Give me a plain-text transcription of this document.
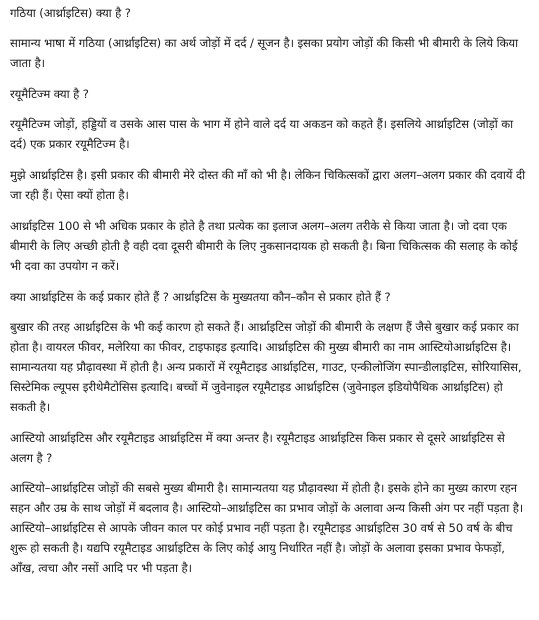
गठिया (आर्थ्राइटिस) क्या है ?

सामान्य भाषा में गठिया (आर्थ्राइटिस) का अर्थ जोड़ों में दर्द / सूजन है। इसका प्रयोग जोड़ों की किसी भी बीमारी के लिये किया जाता है।

रयूमैटिज्म क्या है ?

रयूमैटिज्म जोड़ों, हड्डियों व उसके आस पास के भाग में होने वाले दर्द या अकडन को कहते हैं। इसलिये आर्थ्राइटिस (जोड़ों का दर्द) एक प्रकार रयूमैटिज्म है।

मुझे आर्थ्राइटिस है। इसी प्रकार की बीमारी मेरे दोस्त की माँ को भी है। लेकिन चिकित्सकों द्वारा अलग–अलग प्रकार की दवायें दी जा रही हैं। ऐसा क्यों होता है।

आर्थ्राइटिस 100 से भी अधिक प्रकार के होते है तथा प्रत्येक का इलाज अलग–अलग तरीके से किया जाता है। जो दवा एक बीमारी के लिए अच्छी होती है वही दवा दूसरी बीमारी के लिए नुकसानदायक हो सकती है। बिना चिकित्सक की सलाह के कोई भी दवा का उपयोग न करें।

क्या आर्थ्राइटिस के कई प्रकार होते हैं ? आर्थ्राइटिस के मुख्यतया कौन–कौन से प्रकार होते हैं ?

बुखार की तरह आर्थ्राइटिस के भी कई कारण हो सकते हैं। आर्थ्राइटिस जोड़ों की बीमारी के लक्षण हैं जैसे बुखार कई प्रकार का होता है। वायरल फीवर, मलेरिया का फीवर, टाइफाइड इत्यादि। आर्थ्राइटिस की मुख्य बीमारी का नाम आस्टियोआर्थ्राइटिस है। सामान्यतया यह प्रौढ़ावस्था में होती है। अन्य प्रकारों में रयूमैटाइड आर्थ्राइटिस, गाउट, एन्कीलोजिंग स्पान्डीलाइटिस, सोरियासिस, सिस्टेमिक ल्यूपस इरीथेमैटोसिस इत्यादि। बच्चों में जुवेनाइल रयूमैटाइड आर्थ्राइटिस (जुवेनाइल इडियोपैथिक आर्थ्राइटिस) हो सकती है।

आस्टियो आर्थ्राइटिस और रयूमैटाइड आर्थ्राइटिस में क्या अन्तर है। रयूमैटाइड आर्थ्राइटिस किस प्रकार से दूसरे आर्थ्राइटिस से अलग है ?

आस्टियो–आर्थ्राइटिस जोड़ों की सबसे मुख्य बीमारी है। सामान्यतया यह प्रौढ़ावस्था में होती है। इसके होने का मुख्य कारण रहन सहन और उम्र के साथ जोड़ों में बदलाव है। आस्टियो–आर्थ्राइटिस का प्रभाव जोड़ों के अलावा अन्य किसी अंग पर नहीं पड़ता है। आस्टियो–आर्थ्राइटिस से आपके जीवन काल पर कोई प्रभाव नहीं पड़ता है। रयूमैटाइड आर्थ्राइटिस 30 वर्ष से 50 वर्ष के बीच शुरू हो सकती है। यद्यपि रयूमैटाइड आर्थ्राइटिस के लिए कोई आयु निर्धारित नहीं है। जोड़ों के अलावा इसका प्रभाव फेफड़ों, आँख, त्वचा और नसों आदि पर भी पड़ता है।
